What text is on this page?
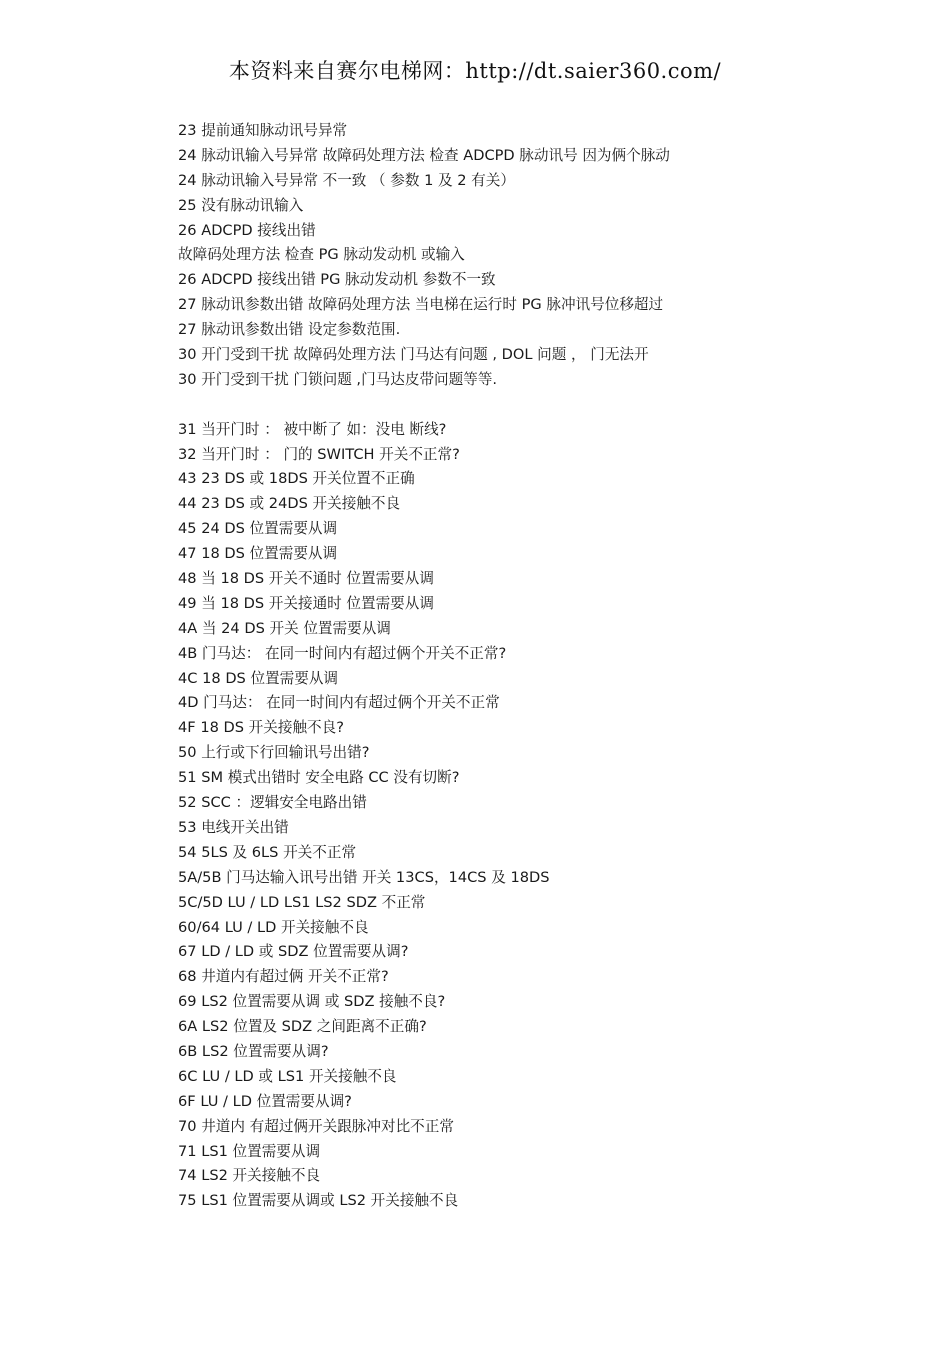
本资料来自赛尔电梯网：http://dt.saier360.com/
23 提前通知脉动讯号异常
24 脉动讯输入号异常 故障码处理方法 检查 ADCPD 脉动讯号 因为俩个脉动
24 脉动讯输入号异常 不一致 （ 参数 1 及 2 有关）
25 没有脉动讯输入
26 ADCPD 接线出错
故障码处理方法 检查 PG 脉动发动机 或输入
26 ADCPD 接线出错 PG 脉动发动机 参数不一致
27 脉动讯参数出错 故障码处理方法 当电梯在运行时 PG 脉冲讯号位移超过
27 脉动讯参数出错 设定参数范围.
30 开门受到干扰 故障码处理方法 门马达有问题 , DOL 问题 ， 门无法开
30 开门受到干扰 门锁问题 ,门马达皮带问题等等.
31 当开门时 ： 被中断了 如：没电 断线?
32 当开门时 ： 门的 SWITCH 开关不正常?
43 23 DS 或 18DS 开关位置不正确
44 23 DS 或 24DS 开关接触不良
45 24 DS 位置需要从调
47 18 DS 位置需要从调
48 当 18 DS 开关不通时 位置需要从调
49 当 18 DS 开关接通时 位置需要从调
4A 当 24 DS 开关 位置需要从调
4B 门马达： 在同一时间内有超过俩个开关不正常?
4C 18 DS 位置需要从调
4D 门马达： 在同一时间内有超过俩个开关不正常
4F 18 DS 开关接触不良?
50 上行或下行回输讯号出错?
51 SM 模式出错时 安全电路 CC 没有切断?
52 SCC ：逻辑安全电路出错
53 电线开关出错
54 5LS 及 6LS 开关不正常
5A/5B 门马达输入讯号出错 开关 13CS，14CS 及 18DS
5C/5D LU / LD LS1 LS2 SDZ 不正常
60/64 LU / LD 开关接触不良
67 LD / LD 或 SDZ 位置需要从调?
68 井道内有超过俩 开关不正常?
69 LS2 位置需要从调 或 SDZ 接触不良?
6A LS2 位置及 SDZ 之间距离不正确?
6B LS2 位置需要从调?
6C LU / LD 或 LS1 开关接触不良
6F LU / LD 位置需要从调?
70 井道内 有超过俩开关跟脉冲对比不正常
71 LS1 位置需要从调
74 LS2 开关接触不良
75 LS1 位置需要从调或 LS2 开关接触不良
